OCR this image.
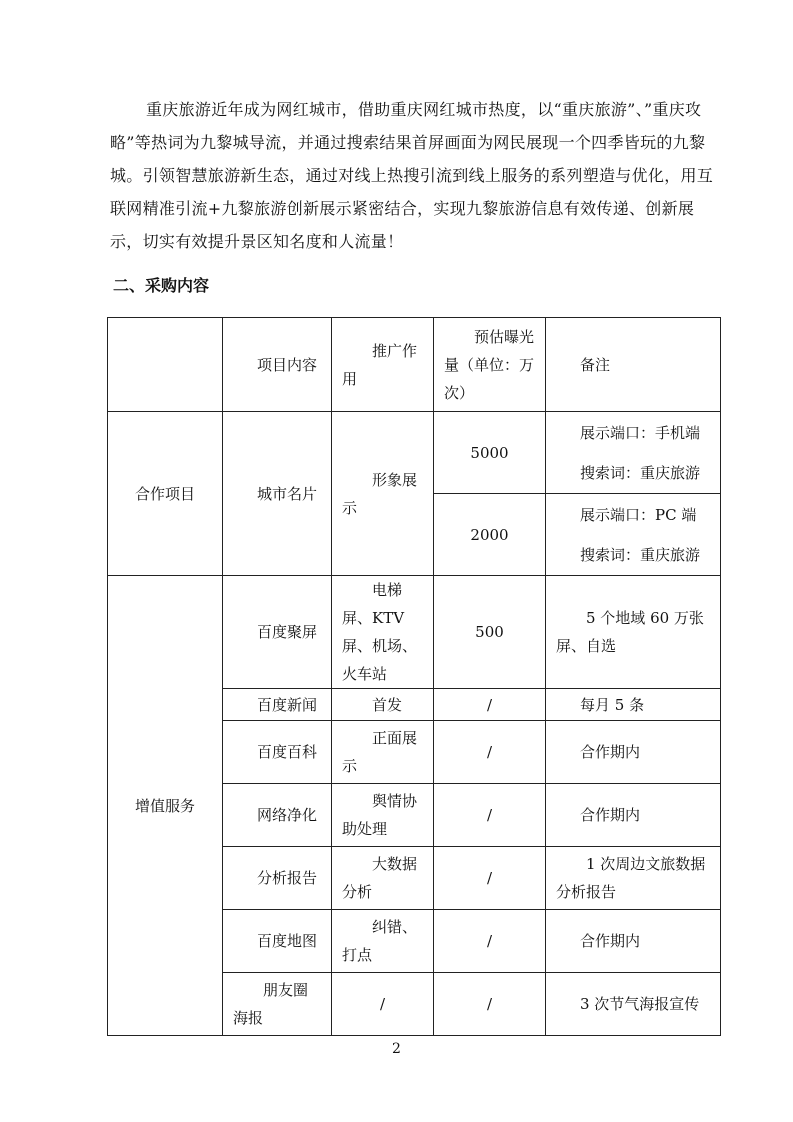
重庆旅游近年成为网红城市，借助重庆网红城市热度，以“重庆旅游”、”重庆攻略”等热词为九黎城导流，并通过搜索结果首屏画面为网民展现一个四季皆玩的九黎城。引领智慧旅游新生态，通过对线上热搜引流到线上服务的系列塑造与优化，用互联网精准引流+九黎旅游创新展示紧密结合，实现九黎旅游信息有效传递、创新展示，切实有效提升景区知名度和人流量！

二、采购内容

	项目内容	推广作用	预估曝光量（单位：万次）	备注
合作项目	城市名片	形象展示	5000	展示端口：手机端
搜索词：重庆旅游
			2000	展示端口：PC 端
搜索词：重庆旅游
增值服务	百度聚屏	电梯屏、KTV 屏、机场、火车站	500	5 个地域 60 万张屏、自选
	百度新闻	首发	/	每月 5 条
	百度百科	正面展示	/	合作期内
	网络净化	舆情协助处理	/	合作期内
	分析报告	大数据分析	/	1 次周边文旅数据分析报告
	百度地图	纠错、打点	/	合作期内
	朋友圈海报	/	/	3 次节气海报宣传

2
